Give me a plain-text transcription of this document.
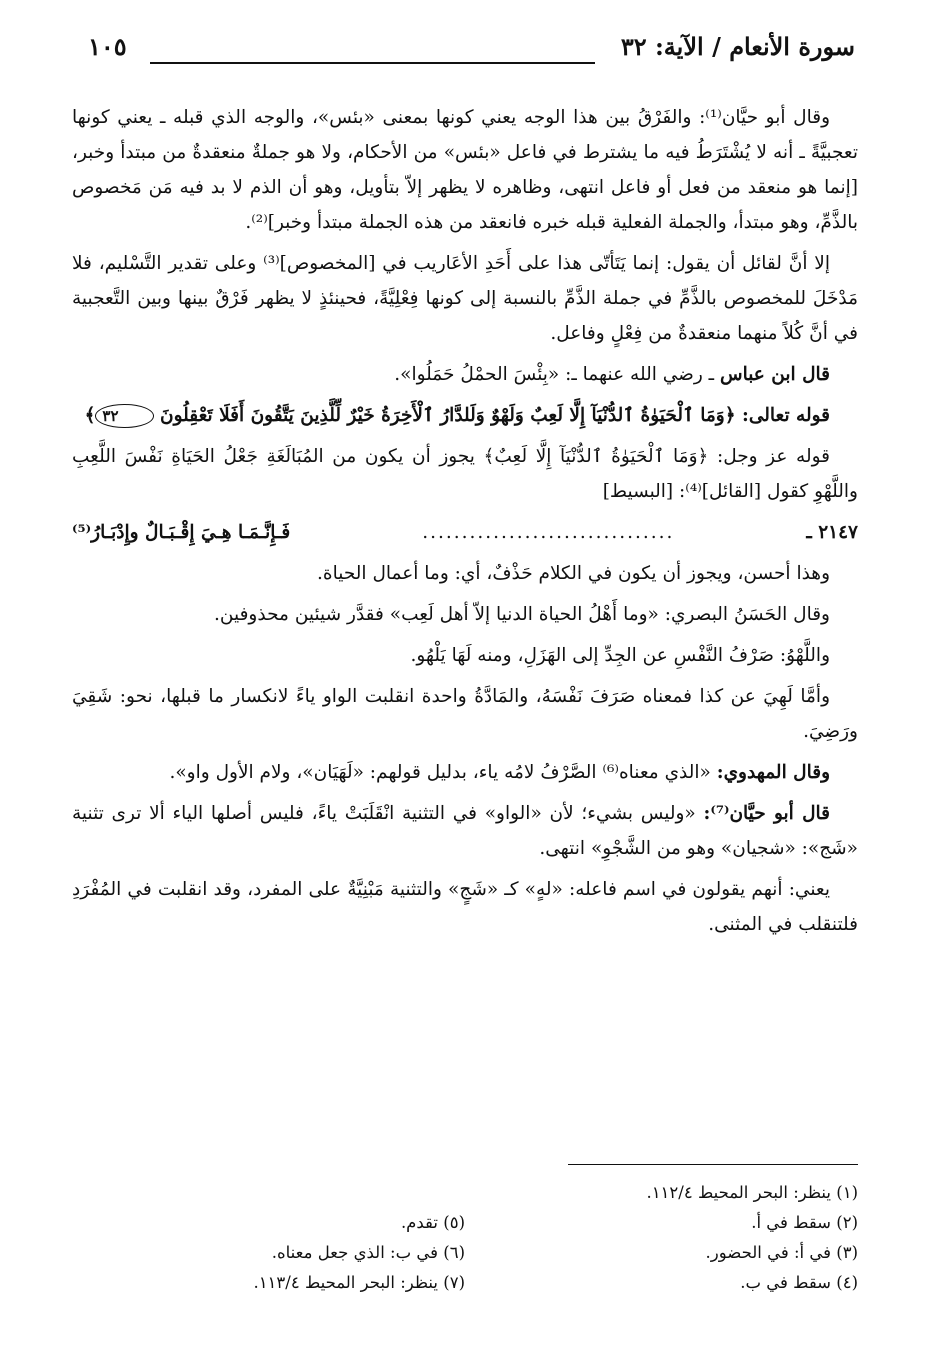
سورة الأنعام / الآية: ٣٢
١٠٥

وقال أبو حيَّان⁽¹⁾: والفَرْقُ بين هذا الوجه يعني كونها بمعنى «بئس»، والوجه الذي قبله ـ يعني كونها تعجبيَّةً ـ أنه لا يُشْتَرَطُ فيه ما يشترط في فاعل «بئس» من الأحكام، ولا هو جملةٌ منعقدةٌ من مبتدأ وخبر، [إنما هو منعقد من فعل أو فاعل انتهى، وظاهره لا يظهر إلاّ بتأويل، وهو أن الذم لا بد فيه مَن مَخصوص بالذَّمِّ، وهو مبتدأ، والجملة الفعلية قبله خبره فانعقد من هذه الجملة مبتدأ وخبر]⁽²⁾.

إلا أنَّ لقائل أن يقول: إنما يَتَأتّى هذا على أَحَدِ الأعَاريب في [المخصوص]⁽³⁾ وعلى تقدير التَّسْليم، فلا مَدْخَلَ للمخصوص بالذَّمِّ في جملة الذَّمِّ بالنسبة إلى كونها فِعْلِيَّةً، فحينئذٍ لا يظهر فَرْقٌ بينها وبين التَّعجبية في أنَّ كُلاً منهما منعقدةٌ من فِعْلٍ وفاعل.

قال ابن عباس ـ رضي الله عنهما ـ: «بِئْسَ الحمْلُ حَمَلُوا».

قوله تعالى: ﴿وَمَا ٱلْحَيَوٰةُ ٱلدُّنْيَآ إِلَّا لَعِبٌ وَلَهْوٌ وَلَلدَّارُ ٱلْأَخِرَةُ خَيْرٌ لِّلَّذِينَ يَتَّقُونَ أَفَلَا تَعْقِلُونَ ٣٢﴾

قوله عز وجل: ﴿وَمَا ٱلْحَيَوٰةُ ٱلدُّنْيَآ إِلَّا لَعِبٌ﴾ يجوز أن يكون من المُبَالَغَةِ جَعْلُ الحَيَاةِ نَفْسَ اللَّعِبِ واللَّهْوِ كقول [القائل]⁽⁴⁾: [البسيط]

٢١٤٧ ـ
................................
فَـإِنَّـمَـا هِـيَ إِقْـبَـالٌ وإِدْبَـارُ⁽⁵⁾

وهذا أحسن، ويجوز أن يكون في الكلام حَذْفٌ، أي: وما أعمال الحياة.

وقال الحَسَنُ البصري: «وما أَهْلُ الحياة الدنيا إلاّ أهل لَعِب» فقدَّر شيئين محذوفين.

واللَّهْوُ: صَرْفُ النَّفْسِ عن الجِدِّ إلى الهَزَلِ، ومنه لَهَا يَلْهُو.

وأمَّا لَهِيَ عن كذا فمعناه صَرَفَ نَفْسَهُ، والمَادَّةُ واحدة انقلبت الواو ياءً لانكسار ما قبلها، نحو: شَقِيَ ورَضِيَ.

وقال المهدوي: «الذي معناه⁽⁶⁾ الصَّرْفُ لامُه ياء، بدليل قولهم: «لَهَيَان»، ولام الأول واو».

قال أبو حيَّان⁽⁷⁾: «وليس بشيء؛ لأن «الواو» في التثنية انْقَلَبَتْ ياءً، فليس أصلها الياء ألا ترى تثنية «شَج»: «شجيان» وهو من الشَّجْوِ» انتهى.

يعني: أنهم يقولون في اسم فاعله: «لهٍ» كـ «شَجٍ» والتثنية مَبْنِيَّةٌ على المفرد، وقد انقلبت في المُفْرَدِ فلتنقلب في المثنى.

(١) ينظر: البحر المحيط ١١٢/٤.
(٢) سقط في أ.
(٥) تقدم.
(٣) في أ: في الحضور.
(٦) في ب: الذي جعل معناه.
(٤) سقط في ب.
(٧) ينظر: البحر المحيط ١١٣/٤.
